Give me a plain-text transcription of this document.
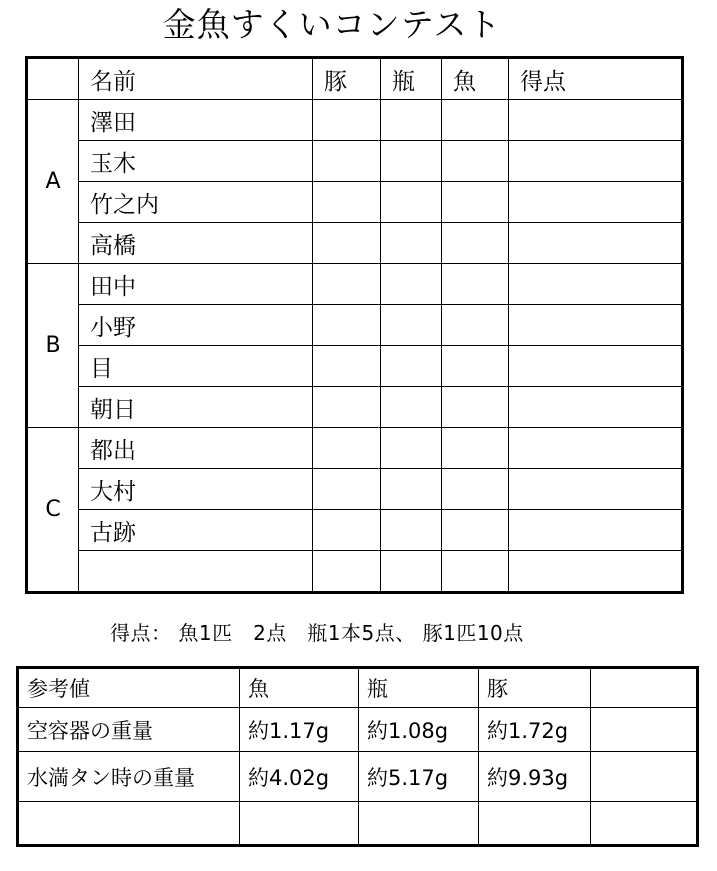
金魚すくいコンテスト
	名前	豚	瓶	魚	得点
A	澤田				
	玉木				
	竹之内				
	高橋				
B	田中				
	小野				
	目				
	朝日				
C	都出				
	大村				
	古跡				

得点： 魚1匹　2点　瓶1本5点、 豚1匹10点
参考値	魚	瓶	豚	
空容器の重量	約1.17g	約1.08g	約1.72g	
水満タン時の重量	約4.02g	約5.17g	約9.93g	
